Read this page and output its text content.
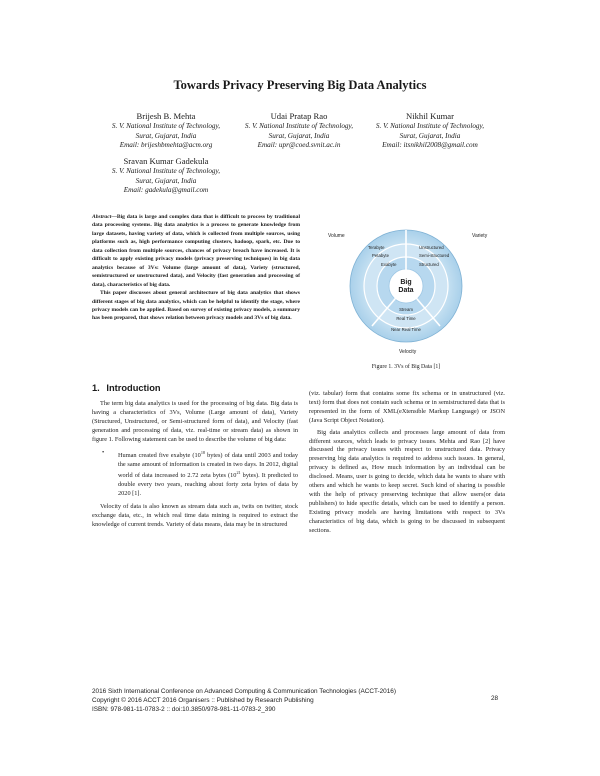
Towards Privacy Preserving Big Data Analytics
Brijesh B. Mehta
S. V. National Institute of Technology,
Surat, Gujarat, India
Email: brijeshbmehta@acm.org
Udai Pratap Rao
S. V. National Institute of Technology,
Surat, Gujarat, India
Email: upr@coed.svnit.ac.in
Nikhil Kumar
S. V. National Institute of Technology,
Surat, Gujarat, India
Email: itsnikhil2008@gmail.com
Sravan Kumar Gadekula
S. V. National Institute of Technology,
Surat, Gujarat, India
Email: gadekula@gmail.com

Abstract—Big data is large and complex data that is difficult to process by traditional data processing systems. Big data analytics is a process to generate knowledge from large datasets, having variety of data, which is collected from multiple sources, using platforms such as, high performance computing clusters, hadoop, spark, etc. Due to data collection from multiple sources, chances of privacy breach have increased. It is difficult to apply existing privacy models (privacy preserving techniques) in big data analytics because of 3Vs: Volume (large amount of data), Variety (structured, semistructured or unstructured data), and Velocity (fast generation and processing of data), characteristics of big data.

This paper discusses about general architecture of big data analytics that shows different stages of big data analytics, which can be helpful to identify the stage, where privacy models can be applied. Based on survey of existing privacy models, a summary has been prepared, that shows relation between privacy models and 3Vs of big data.

Volume	Variety
Velocity
Terabyte
Petabyte
Exabyte
Unstructured
Semi-structured
Structured
Big
Data
Stream
Real Time
Near Real Time
Figure 1. 3Vs of Big Data [1]
1. Introduction

The term big data analytics is used for the processing of big data. Big data is having a characteristics of 3Vs, Volume (Large amount of data), Variety (Structured, Unstructured, or Semi-structured form of data), and Velocity (fast generation and processing of data, viz. real-time or stream data) as shown in figure 1. Following statement can be used to describe the volume of big data:

• Human created five exabyte ($10^{18}$ bytes) of data until 2003 and today the same amount of information is created in two days. In 2012, digital world of data increased to 2.72 zeta bytes ($10^{21}$ bytes). It predicted to double every two years, reaching about forty zeta bytes of data by 2020 [1].

Velocity of data is also known as stream data such as, twits on twitter, stock exchange data, etc., in which real time data mining is required to extract the knowledge of current trends. Variety of data means, data may be in structured

(viz. tabular) form that contains some fix schema or in unstructured (viz. text) form that does not contain such schema or in semistructured data that is represented in the form of XML(eXtensible Markup Language) or JSON (Java Script Object Notation).

Big data analytics collects and processes large amount of data from different sources, which leads to privacy issues. Mehta and Rao [2] have discussed the privacy issues with respect to unstructured data. Privacy preserving big data analytics is required to address such issues. In general, privacy is defined as, How much information by an individual can be disclosed. Means, user is going to decide, which data he wants to share with others and which he wants to keep secret. Such kind of sharing is possible with the help of privacy preserving technique that allow users(or data publishers) to hide specific details, which can be used to identify a person. Existing privacy models are having limitations with respect to 3Vs characteristics of big data, which is going to be discussed in subsequent sections.

2016 Sixth International Conference on Advanced Computing & Communication Technologies (ACCT-2016)
Copyright © 2016 ACCT 2016 Organisers :: Published by Research Publishing
ISBN: 978-981-11-0783-2 :: doi:10.3850/978-981-11-0783-2_390
28
